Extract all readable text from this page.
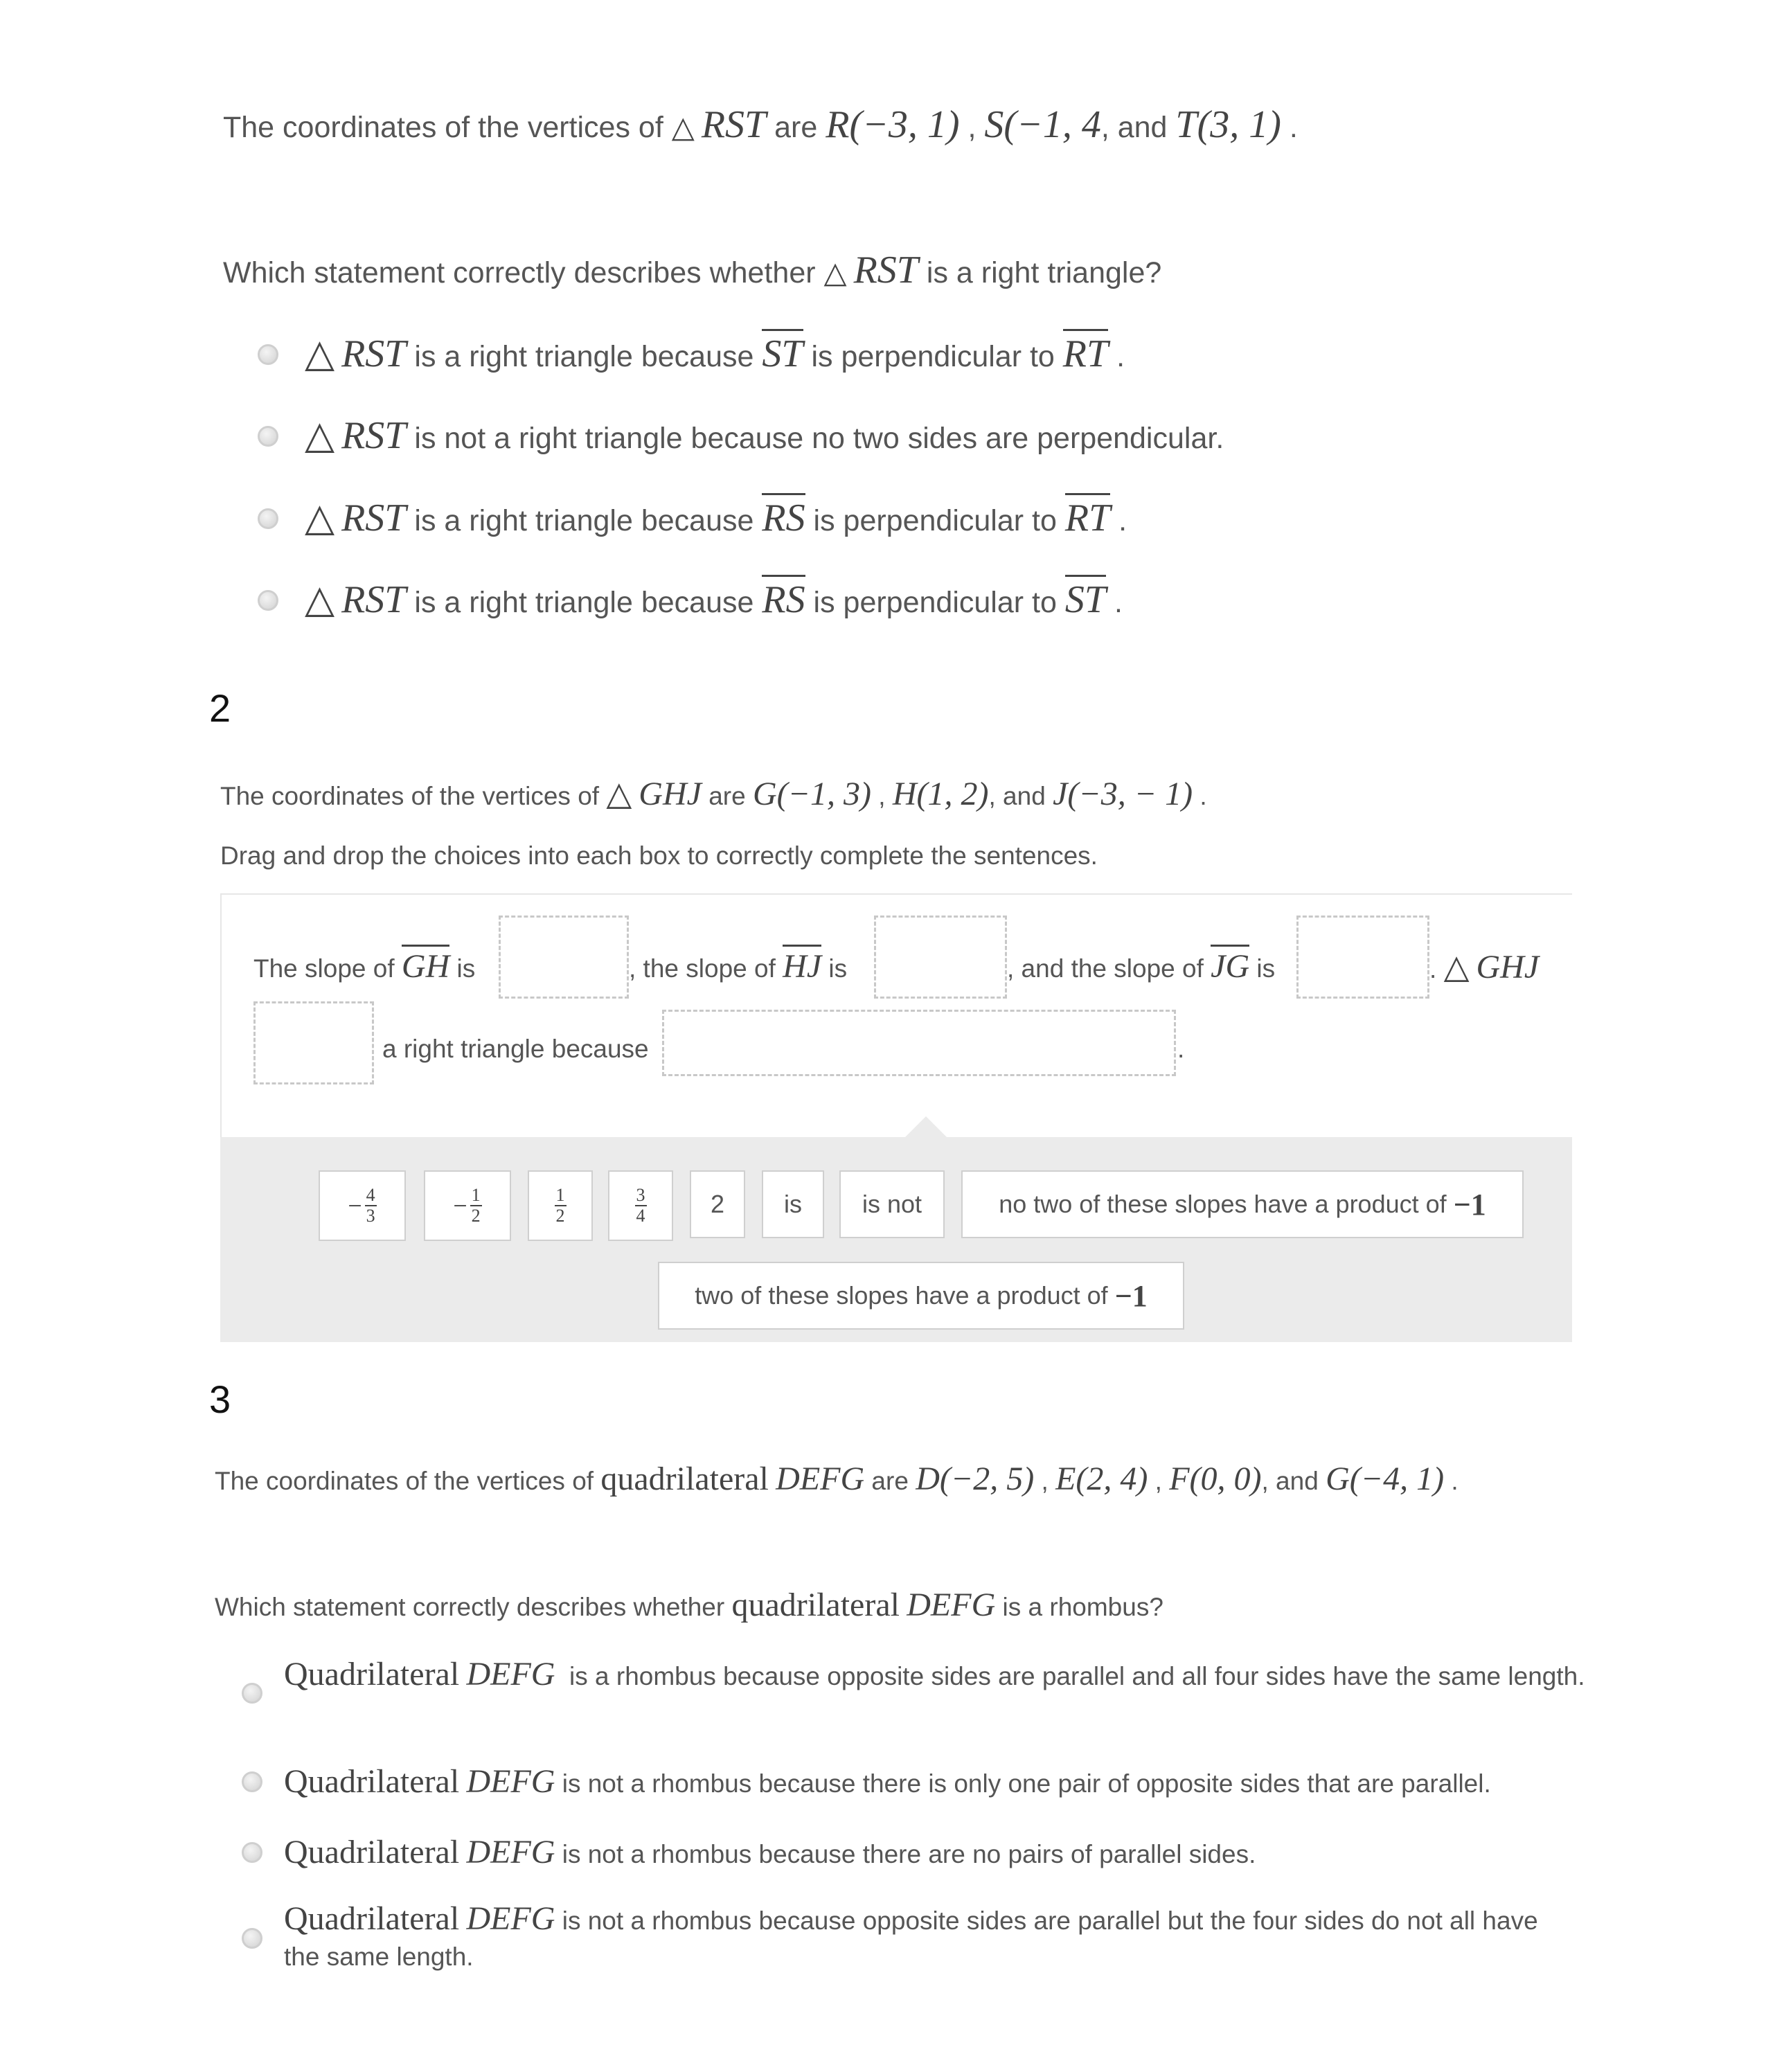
The coordinates of the vertices of △ RST are R(−3, 1) , S(−1, 4, and T(3, 1) .
Which statement correctly describes whether △ RST is a right triangle?
△ RST is a right triangle because ST is perpendicular to RT .
△ RST is not a right triangle because no two sides are perpendicular.
△ RST is a right triangle because RS is perpendicular to RT .
△ RST is a right triangle because RS is perpendicular to ST .
2
The coordinates of the vertices of △ GHJ are G(−1, 3) , H(1, 2), and J(−3, − 1) .
Drag and drop the choices into each box to correctly complete the sentences.
The slope of GH is	, the slope of HJ is	, and the slope of JG is	. △ GHJ
a right triangle because	.
− $\frac{4}{3}$	− $\frac{1}{2}$	$\frac{1}{2}$	$\frac{3}{4}$	2	is	is not	no two of these slopes have a product of
−1
two of these slopes have a product of
−1
3
The coordinates of the vertices of quadrilateral DEFG are D(−2, 5) , E(2, 4) , F(0, 0), and G(−4, 1) .
Which statement correctly describes whether quadrilateral DEFG is a rhombus?
Quadrilateral DEFG is a rhombus because opposite sides are parallel and all four sides have the same length.
Quadrilateral DEFG is not a rhombus because there is only one pair of opposite sides that are parallel.
Quadrilateral DEFG is not a rhombus because there are no pairs of parallel sides.
Quadrilateral DEFG is not a rhombus because opposite sides are parallel but the four sides do not all have the same length.
